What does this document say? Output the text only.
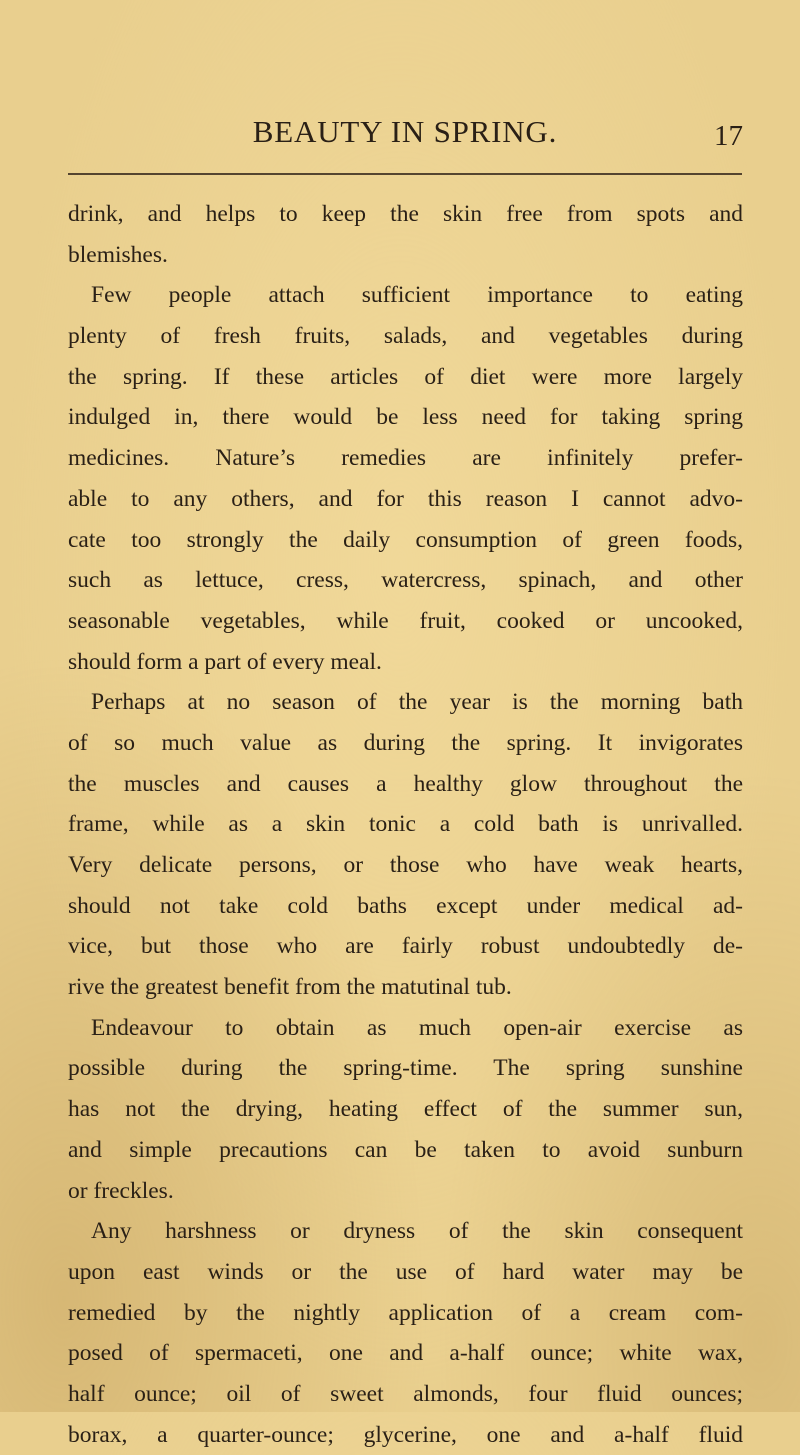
BEAUTY IN SPRING.	17
drink, and helps to keep the skin free from spots and
blemishes.
Few people attach sufficient importance to eating
plenty of fresh fruits, salads, and vegetables during
the spring. If these articles of diet were more largely
indulged in, there would be less need for taking spring
medicines. Nature’s remedies are infinitely prefer-
able to any others, and for this reason I cannot advo-
cate too strongly the daily consumption of green foods,
such as lettuce, cress, watercress, spinach, and other
seasonable vegetables, while fruit, cooked or uncooked,
should form a part of every meal.
Perhaps at no season of the year is the morning bath
of so much value as during the spring. It invigorates
the muscles and causes a healthy glow throughout the
frame, while as a skin tonic a cold bath is unrivalled.
Very delicate persons, or those who have weak hearts,
should not take cold baths except under medical ad-
vice, but those who are fairly robust undoubtedly de-
rive the greatest benefit from the matutinal tub.
Endeavour to obtain as much open-air exercise as
possible during the spring-time. The spring sunshine
has not the drying, heating effect of the summer sun,
and simple precautions can be taken to avoid sunburn
or freckles.
Any harshness or dryness of the skin consequent
upon east winds or the use of hard water may be
remedied by the nightly application of a cream com-
posed of spermaceti, one and a-half ounce; white wax,
half ounce; oil of sweet almonds, four fluid ounces;
borax, a quarter-ounce; glycerine, one and a-half fluid
